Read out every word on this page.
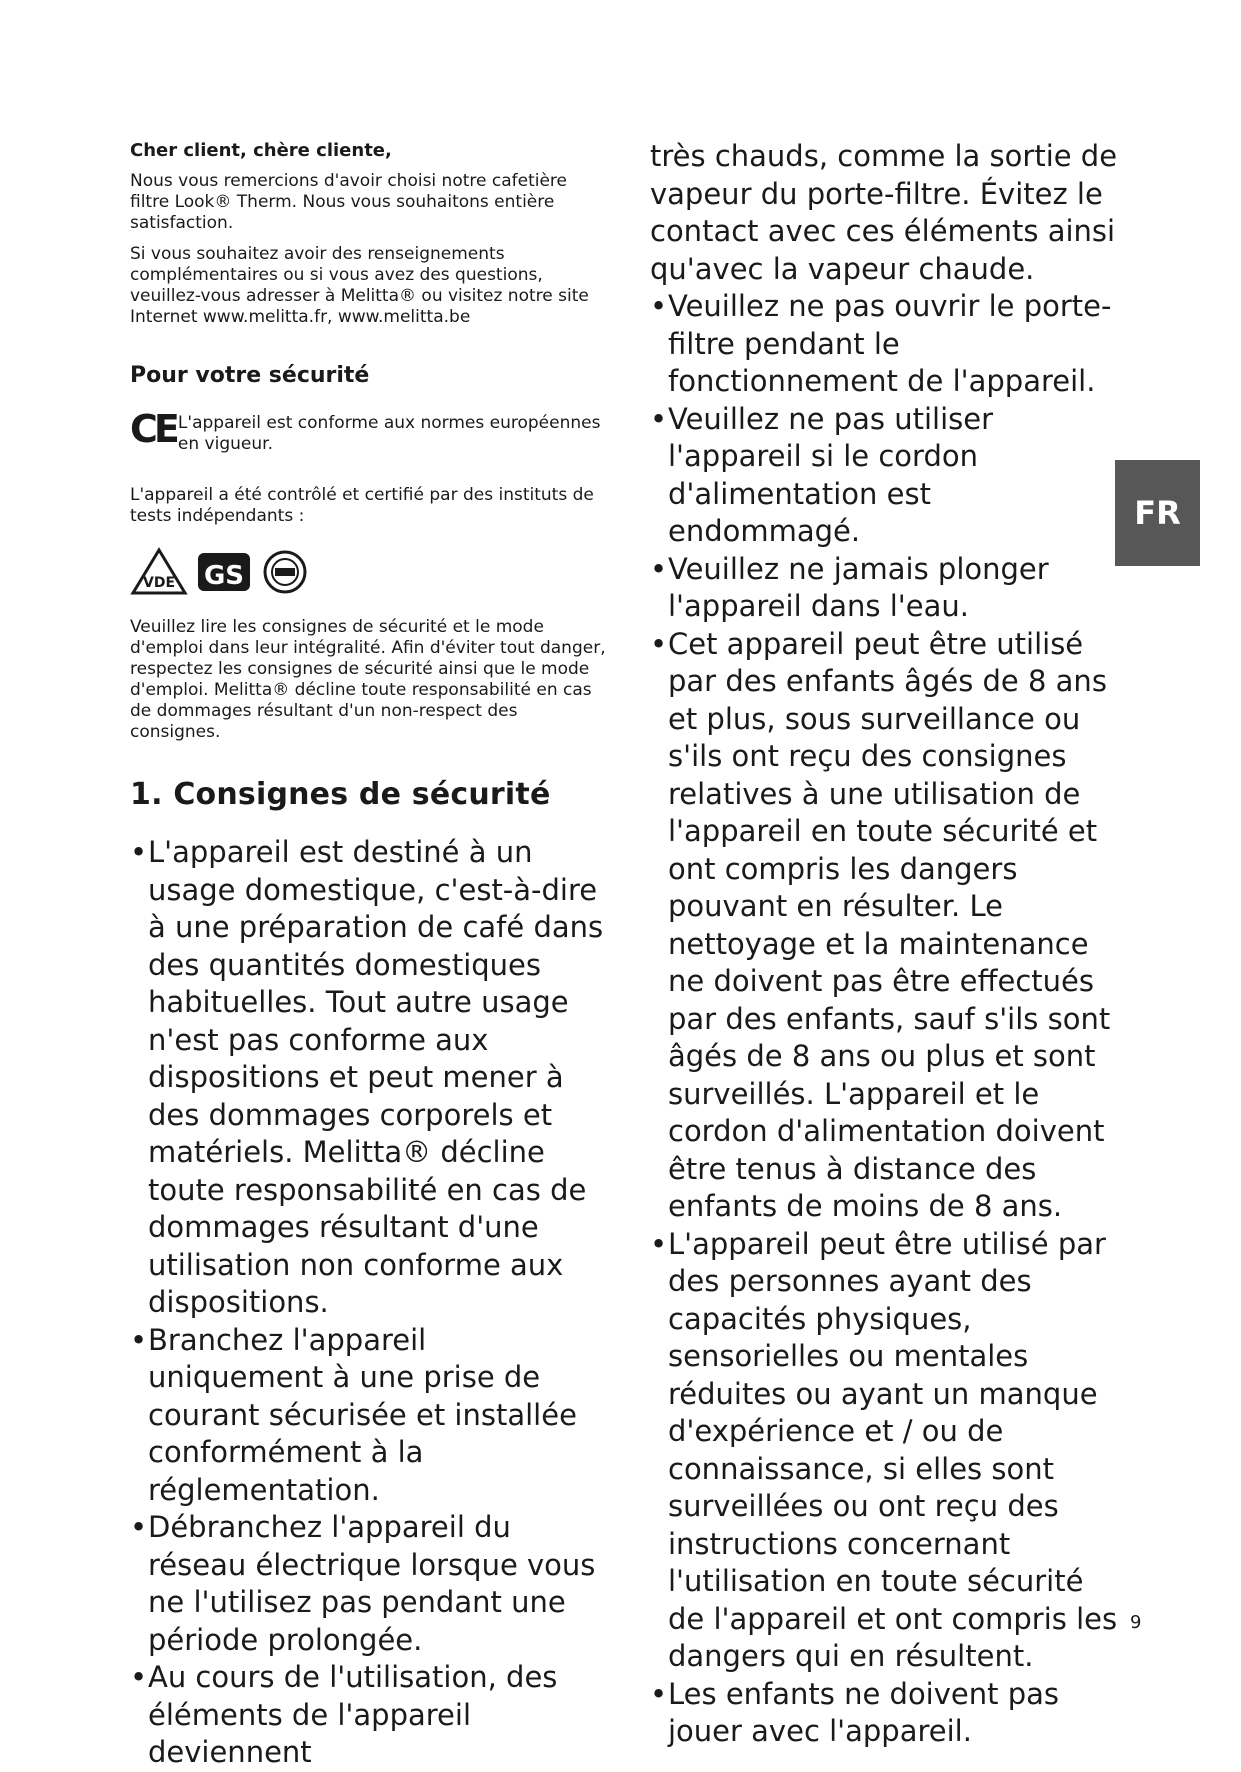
Cher client, chère cliente,

Nous vous remercions d'avoir choisi notre cafetière filtre Look® Therm. Nous vous souhaitons entière satisfaction.

Si vous souhaitez avoir des renseignements complémentaires ou si vous avez des questions, veuillez-vous adresser à Melitta® ou visitez notre site Internet www.melitta.fr, www.melitta.be

Pour votre sécurité

CE L'appareil est conforme aux normes européennes en vigueur.

L'appareil a été contrôlé et certifié par des instituts de tests indépendants :

VDE GS

Veuillez lire les consignes de sécurité et le mode d'emploi dans leur intégralité. Afin d'éviter tout danger, respectez les consignes de sécurité ainsi que le mode d'emploi. Melitta® décline toute responsabilité en cas de dommages résultant d'un non-respect des consignes.

1. Consignes de sécurité

• L'appareil est destiné à un usage domestique, c'est-à-dire à une préparation de café dans des quantités domestiques habituelles. Tout autre usage n'est pas conforme aux dispositions et peut mener à des dommages corporels et matériels. Melitta® décline toute responsabilité en cas de dommages résultant d'une utilisation non conforme aux dispositions.
• Branchez l'appareil uniquement à une prise de courant sécurisée et installée conformément à la réglementation.
• Débranchez l'appareil du réseau électrique lorsque vous ne l'utilisez pas pendant une période prolongée.
• Au cours de l'utilisation, des éléments de l'appareil deviennent

très chauds, comme la sortie de vapeur du porte-filtre. Évitez le contact avec ces éléments ainsi qu'avec la vapeur chaude.

• Veuillez ne pas ouvrir le porte-filtre pendant le fonctionnement de l'appareil.
• Veuillez ne pas utiliser l'appareil si le cordon d'alimentation est endommagé.
• Veuillez ne jamais plonger l'appareil dans l'eau.
• Cet appareil peut être utilisé par des enfants âgés de 8 ans et plus, sous surveillance ou s'ils ont reçu des consignes relatives à une utilisation de l'appareil en toute sécurité et ont compris les dangers pouvant en résulter. Le nettoyage et la maintenance ne doivent pas être effectués par des enfants, sauf s'ils sont âgés de 8 ans ou plus et sont surveillés. L'appareil et le cordon d'alimentation doivent être tenus à distance des enfants de moins de 8 ans.
• L'appareil peut être utilisé par des personnes ayant des capacités physiques, sensorielles ou mentales réduites ou ayant un manque d'expérience et / ou de connaissance, si elles sont surveillées ou ont reçu des instructions concernant l'utilisation en toute sécurité de l'appareil et ont compris les dangers qui en résultent.
• Les enfants ne doivent pas jouer avec l'appareil.
FR
9
